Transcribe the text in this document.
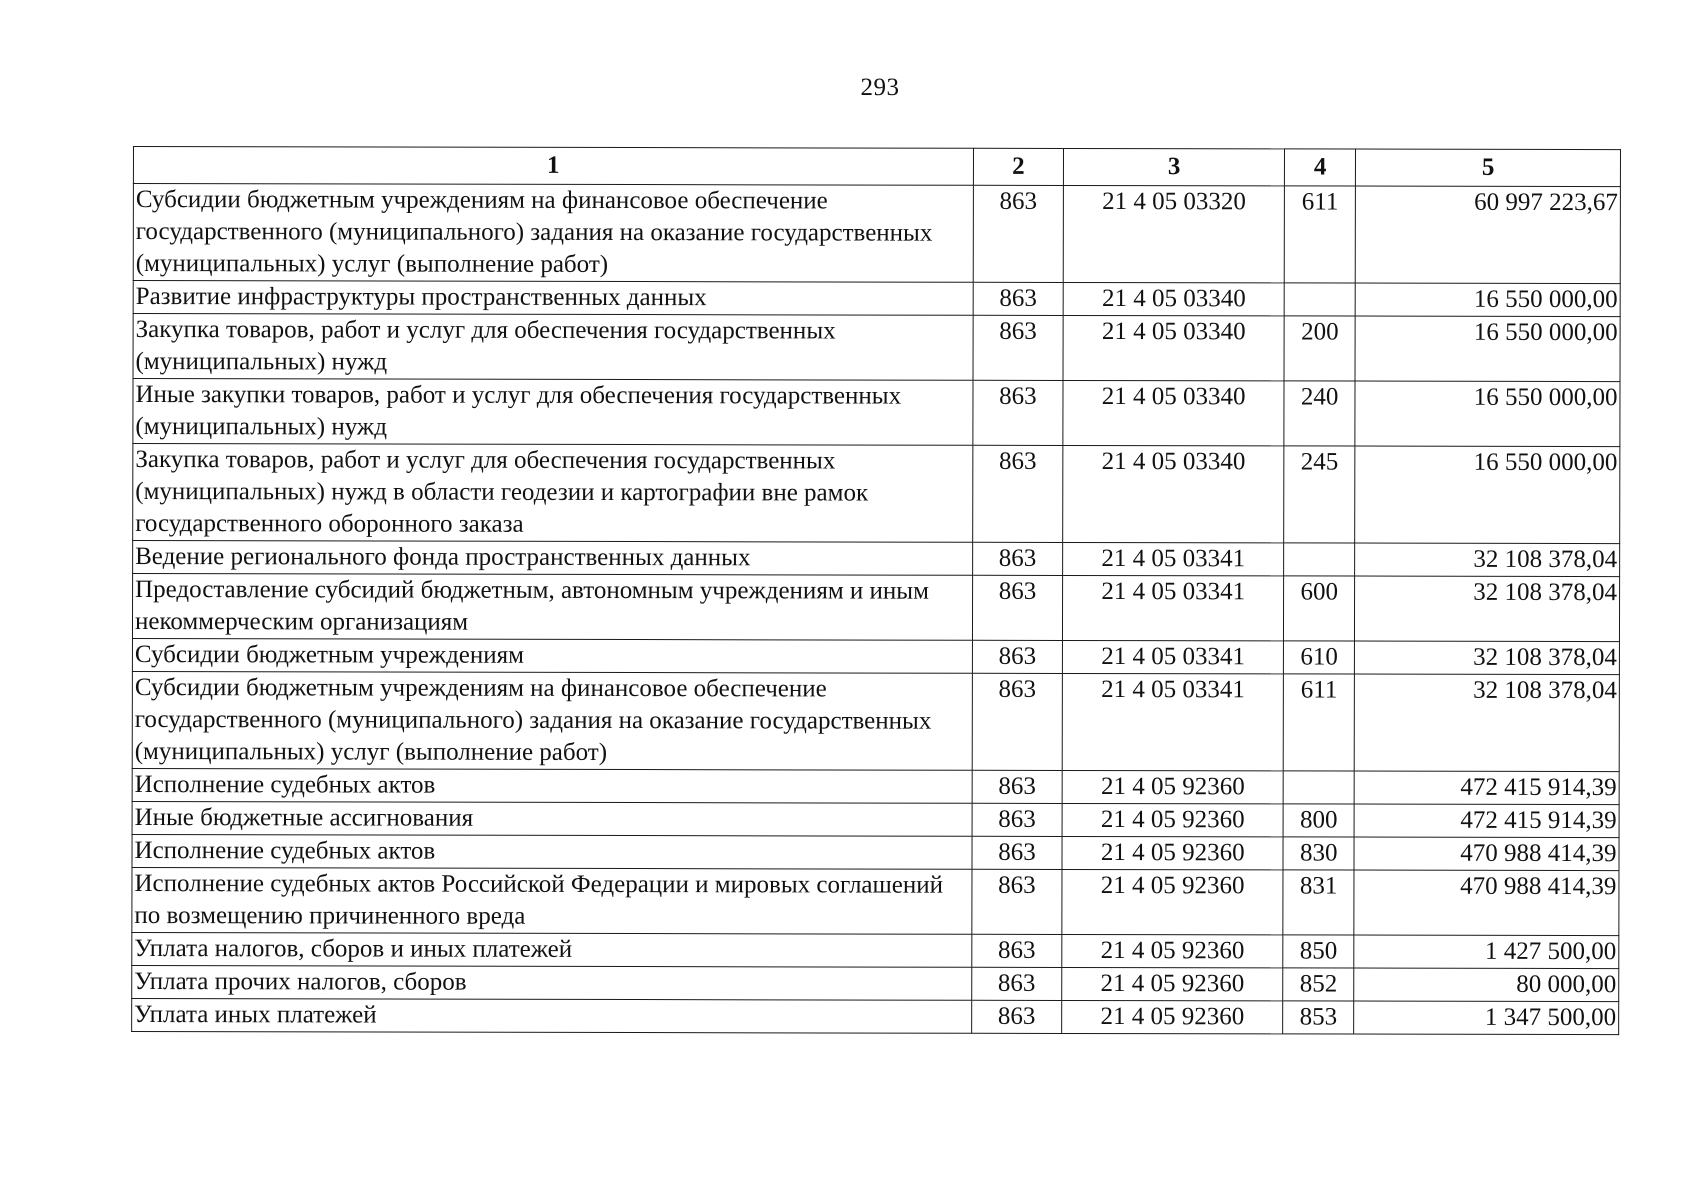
293
1	2	3	4	5
Субсидии бюджетным учреждениям на финансовое обеспечение государственного (муниципального) задания на оказание государственных (муниципальных) услуг (выполнение работ)	863	21 4 05 03320	611	60 997 223,67
Развитие инфраструктуры пространственных данных	863	21 4 05 03340		16 550 000,00
Закупка товаров, работ и услуг для обеспечения государственных (муниципальных) нужд	863	21 4 05 03340	200	16 550 000,00
Иные закупки товаров, работ и услуг для обеспечения государственных (муниципальных) нужд	863	21 4 05 03340	240	16 550 000,00
Закупка товаров, работ и услуг для обеспечения государственных (муниципальных) нужд в области геодезии и картографии вне рамок государственного оборонного заказа	863	21 4 05 03340	245	16 550 000,00
Ведение регионального фонда пространственных данных	863	21 4 05 03341		32 108 378,04
Предоставление субсидий бюджетным, автономным учреждениям и иным некоммерческим организациям	863	21 4 05 03341	600	32 108 378,04
Субсидии бюджетным учреждениям	863	21 4 05 03341	610	32 108 378,04
Субсидии бюджетным учреждениям на финансовое обеспечение государственного (муниципального) задания на оказание государственных (муниципальных) услуг (выполнение работ)	863	21 4 05 03341	611	32 108 378,04
Исполнение судебных актов	863	21 4 05 92360		472 415 914,39
Иные бюджетные ассигнования	863	21 4 05 92360	800	472 415 914,39
Исполнение судебных актов	863	21 4 05 92360	830	470 988 414,39
Исполнение судебных актов Российской Федерации и мировых соглашений по возмещению причиненного вреда	863	21 4 05 92360	831	470 988 414,39
Уплата налогов, сборов и иных платежей	863	21 4 05 92360	850	1 427 500,00
Уплата прочих налогов, сборов	863	21 4 05 92360	852	80 000,00
Уплата иных платежей	863	21 4 05 92360	853	1 347 500,00
